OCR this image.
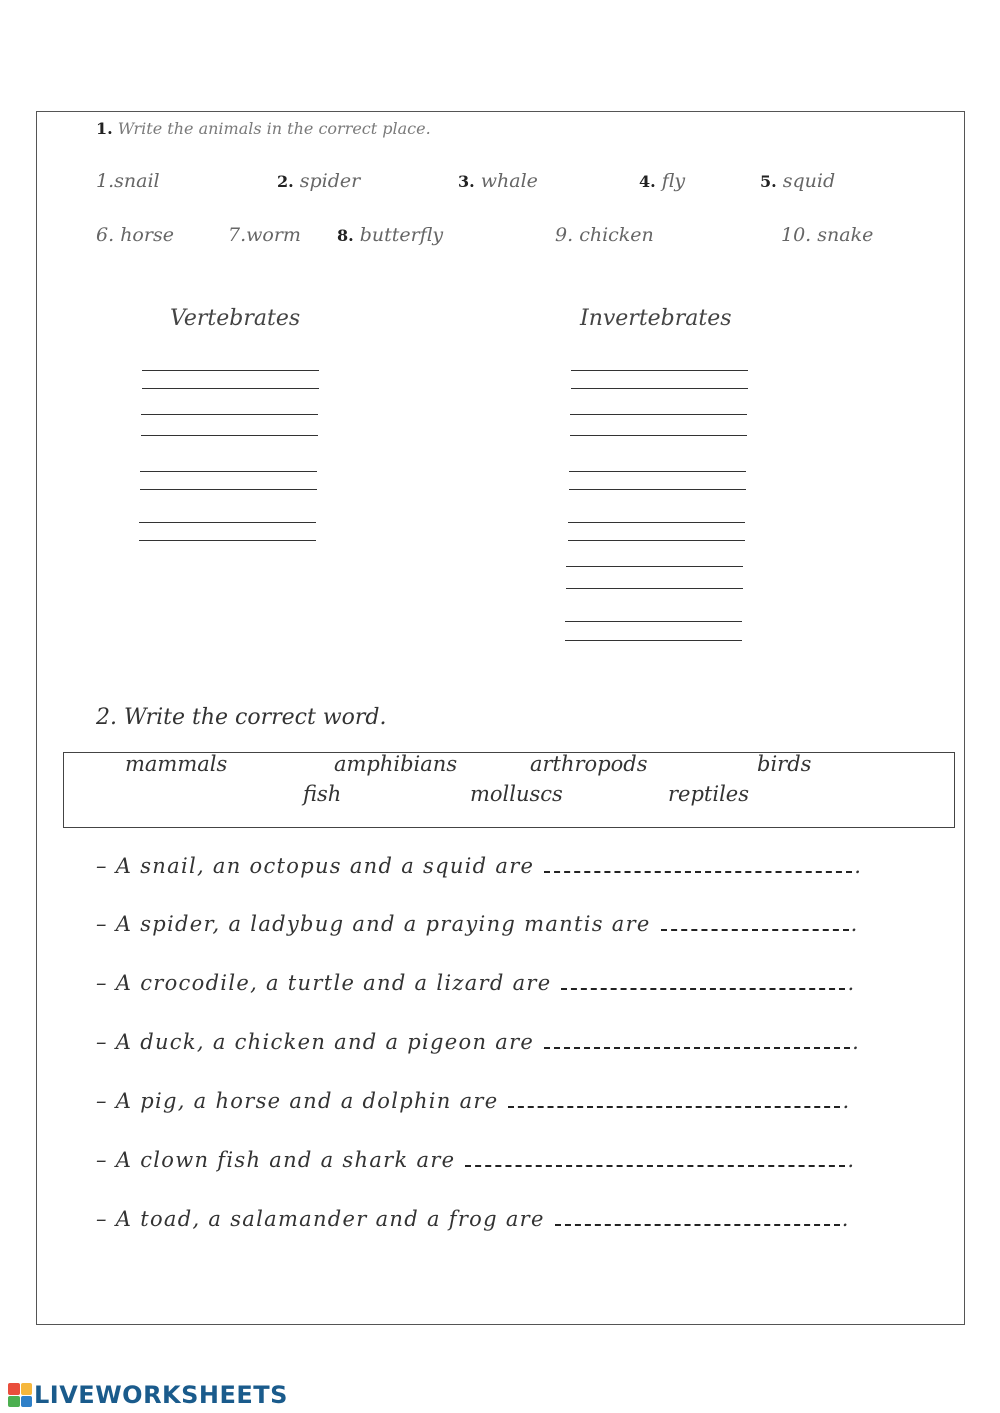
1. Write the animals in the correct place.
1.snail	2. spider	3. whale	4. fly	5. squid
6. horse	7.worm 8. butterfly	9. chicken	10. snake
Vertebrates	Invertebrates
2. Write the correct word.
mammals	amphibians	arthropods	birds
fish	molluscs	reptiles
– A snail, an octopus and a squid are	.
– A spider, a ladybug and a praying mantis are	.
– A crocodile, a turtle and a lizard are	.
– A duck, a chicken and a pigeon are	.
– A pig, a horse and a dolphin are	.
– A clown fish and a shark are	.
– A toad, a salamander and a frog are	.
LIVEWORKSHEETS
